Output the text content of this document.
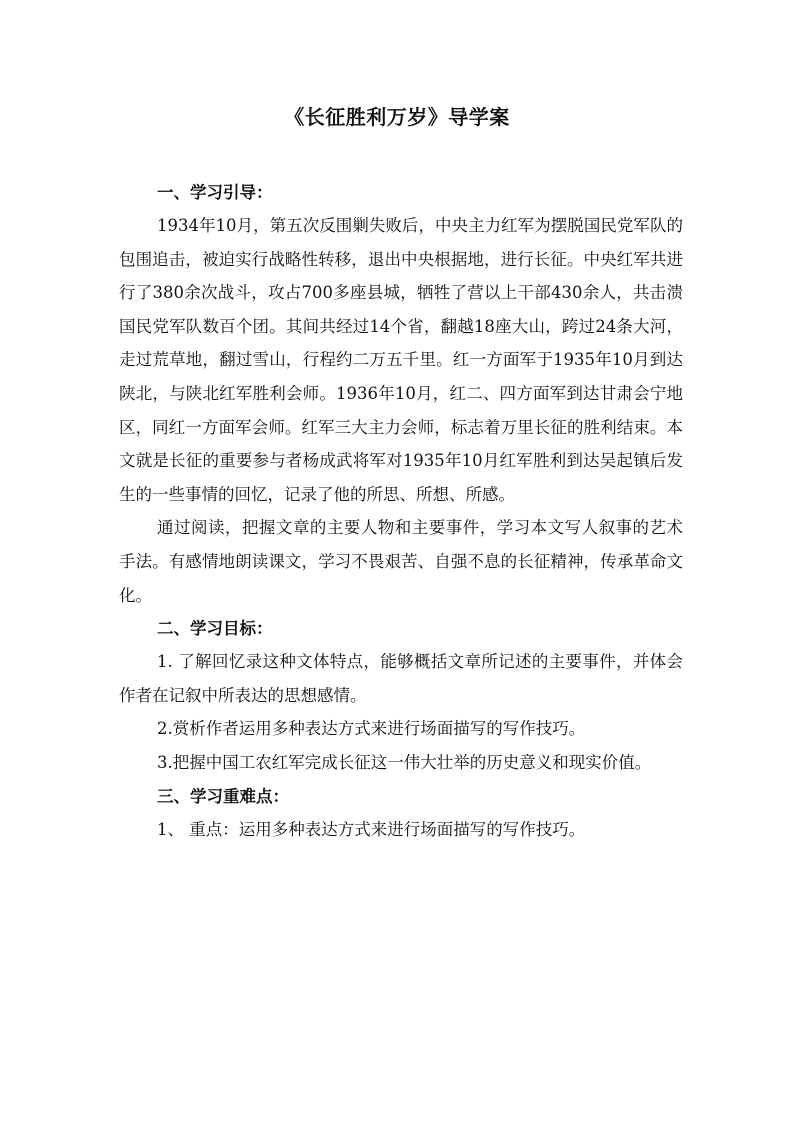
《长征胜利万岁》导学案

一、学习引导：

1934年10月，第五次反围剿失败后，中央主力红军为摆脱国民党军队的包围追击，被迫实行战略性转移，退出中央根据地，进行长征。中央红军共进行了380余次战斗，攻占700多座县城，牺牲了营以上干部430余人，共击溃国民党军队数百个团。其间共经过14个省，翻越18座大山，跨过24条大河，走过荒草地，翻过雪山，行程约二万五千里。红一方面军于1935年10月到达陕北，与陕北红军胜利会师。1936年10月，红二、四方面军到达甘肃会宁地区，同红一方面军会师。红军三大主力会师，标志着万里长征的胜利结束。本文就是长征的重要参与者杨成武将军对1935年10月红军胜利到达吴起镇后发生的一些事情的回忆，记录了他的所思、所想、所感。

通过阅读，把握文章的主要人物和主要事件，学习本文写人叙事的艺术手法。有感情地朗读课文，学习不畏艰苦、自强不息的长征精神，传承革命文化。

二、学习目标：

1. 了解回忆录这种文体特点，能够概括文章所记述的主要事件，并体会作者在记叙中所表达的思想感情。

2.赏析作者运用多种表达方式来进行场面描写的写作技巧。

3.把握中国工农红军完成长征这一伟大壮举的历史意义和现实价值。

三、学习重难点：

1、 重点：运用多种表达方式来进行场面描写的写作技巧。
